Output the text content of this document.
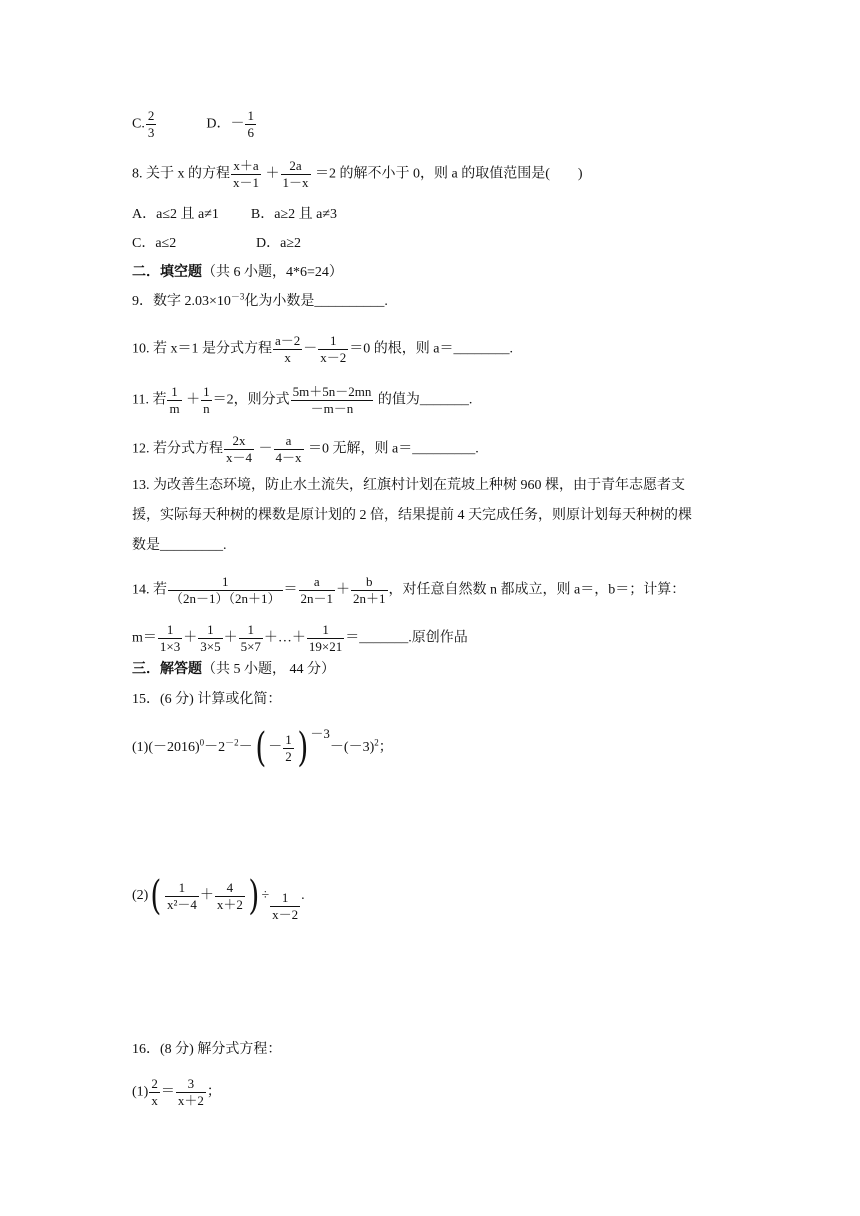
C. $\frac{2}{3}$	D．－ $\frac{1}{6}$
8. 关于 x 的方程 $\frac{x+a}{x-1} + \frac{2a}{1-x} =2$ 的解不小于 0，则 a 的取值范围是(　　)
A．a≤2 且 a≠1 B．a≥2 且 a≠3
C．a≤2	D．a≥2
二．填空题（共 6 小题，4*6=24）
9．数字 $2.03\times 10^{-3}$化为小数是__________.
10. 若 x＝1 是分式方程 $\frac{a-2}{x} - \frac{1}{x-2} =0$ 的根，则 a＝________.
11. 若 $\frac{1}{m} + \frac{1}{n} =2$，则分式 $\frac{5m+5n-2mn}{-m-n}$ 的值为_______.
12. 若分式方程 $\frac{2x}{x-4} - \frac{a}{4-x} =0$ 无解，则 a＝_________.
13. 为改善生态环境，防止水土流失，红旗村计划在荒坡上种树 960 棵，由于青年志愿者支
援，实际每天种树的棵数是原计划的 2 倍，结果提前 4 天完成任务，则原计划每天种树的棵
数是_________.
14. 若 $\frac{1}{(2n-1)(2n+1)} = \frac{a}{2n-1} + \frac{b}{2n+1}$ ，对任意自然数 n 都成立，则 a＝，b＝；计算：
$m= \frac{1}{1\times 3} + \frac{1}{3\times 5} + \frac{1}{5\times 7}$ ＋…＋ $\frac{1}{19\times 21}$ ＝_______.原创作品
三．解答题（共 5 小题， 44 分）
15．(6 分) 计算或化简：
$(1)(-2016)^0-2^{-2}-( - \frac{1}{2}$ ) $^{-3}-(-3)^2$；
$(2)( \frac{1}{\text{x²－4}} + \frac{4}{x+2}$ ) ÷ $\frac{1}{x-2}$ .
16．(8 分) 解分式方程：
$(1) \frac{2}{x} = \frac{3}{x+2}$ ；
